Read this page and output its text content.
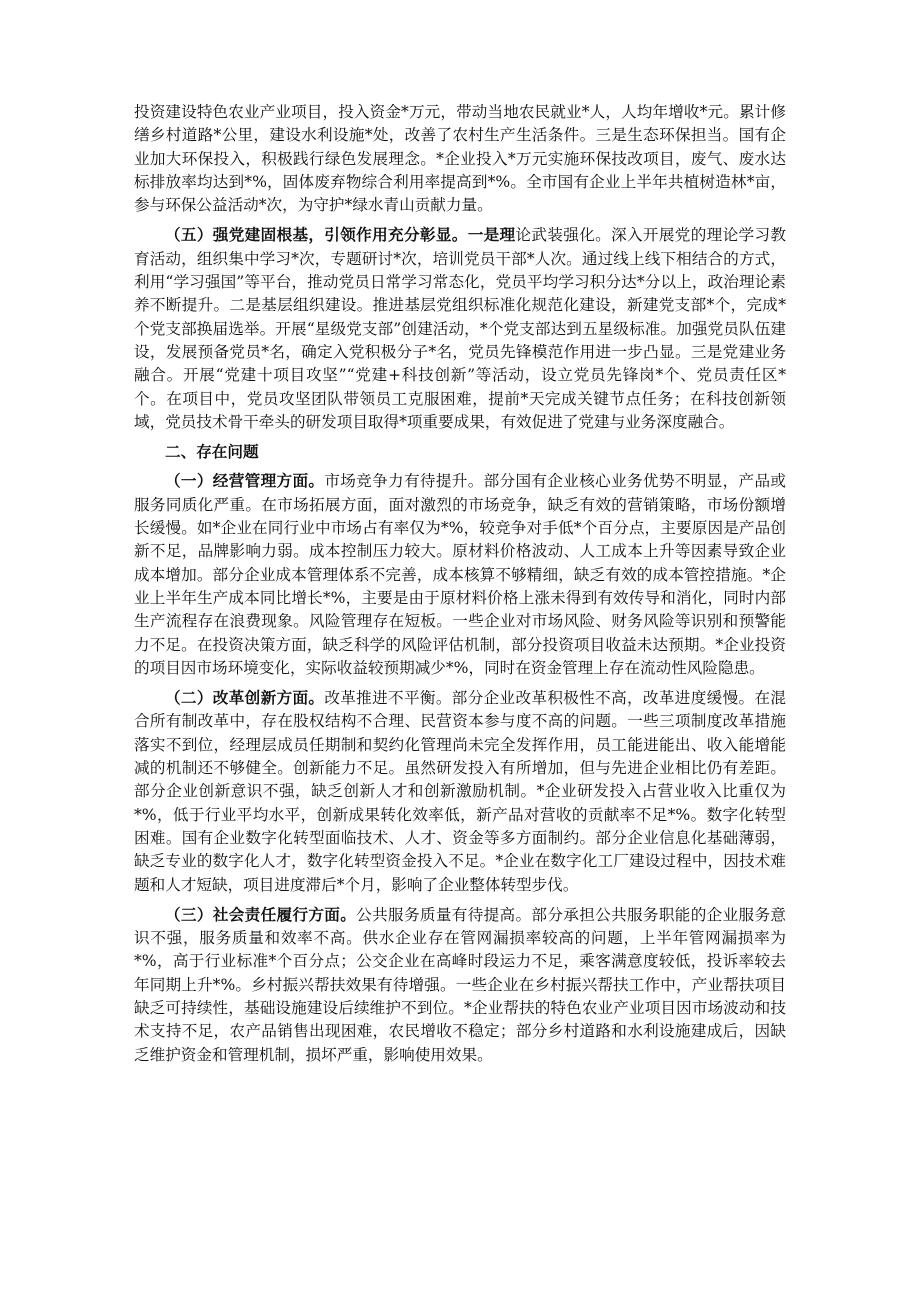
投资建设特色农业产业项目，投入资金*万元，带动当地农民就业*人，人均年增收*元。累计修缮乡村道路*公里，建设水利设施*处，改善了农村生产生活条件。三是生态环保担当。国有企业加大环保投入，积极践行绿色发展理念。*企业投入*万元实施环保技改项目，废气、废水达标排放率均达到*%，固体废弃物综合利用率提高到*%。全市国有企业上半年共植树造林*亩，参与环保公益活动*次，为守护*绿水青山贡献力量。

（五）强党建固根基，引领作用充分彰显。一是理论武装强化。深入开展党的理论学习教育活动，组织集中学习*次，专题研讨*次，培训党员干部*人次。通过线上线下相结合的方式，利用“学习强国”等平台，推动党员日常学习常态化，党员平均学习积分达*分以上，政治理论素养不断提升。二是基层组织建设。推进基层党组织标准化规范化建设，新建党支部*个，完成*个党支部换届选举。开展“星级党支部”创建活动，*个党支部达到五星级标准。加强党员队伍建设，发展预备党员*名，确定入党积极分子*名，党员先锋模范作用进一步凸显。三是党建业务融合。开展“党建十项目攻坚”“党建+科技创新”等活动，设立党员先锋岗*个、党员责任区*个。在项目中，党员攻坚团队带领员工克服困难，提前*天完成关键节点任务；在科技创新领域，党员技术骨干牵头的研发项目取得*项重要成果，有效促进了党建与业务深度融合。

二、存在问题

（一）经营管理方面。市场竞争力有待提升。部分国有企业核心业务优势不明显，产品或服务同质化严重。在市场拓展方面，面对激烈的市场竞争，缺乏有效的营销策略，市场份额增长缓慢。如*企业在同行业中市场占有率仅为*%，较竞争对手低*个百分点，主要原因是产品创新不足，品牌影响力弱。成本控制压力较大。原材料价格波动、人工成本上升等因素导致企业成本增加。部分企业成本管理体系不完善，成本核算不够精细，缺乏有效的成本管控措施。*企业上半年生产成本同比增长*%，主要是由于原材料价格上涨未得到有效传导和消化，同时内部生产流程存在浪费现象。风险管理存在短板。一些企业对市场风险、财务风险等识别和预警能力不足。在投资决策方面，缺乏科学的风险评估机制，部分投资项目收益未达预期。*企业投资的项目因市场环境变化，实际收益较预期减少*%，同时在资金管理上存在流动性风险隐患。

（二）改革创新方面。改革推进不平衡。部分企业改革积极性不高，改革进度缓慢。在混合所有制改革中，存在股权结构不合理、民营资本参与度不高的问题。一些三项制度改革措施落实不到位，经理层成员任期制和契约化管理尚未完全发挥作用，员工能进能出、收入能增能减的机制还不够健全。创新能力不足。虽然研发投入有所增加，但与先进企业相比仍有差距。部分企业创新意识不强，缺乏创新人才和创新激励机制。*企业研发投入占营业收入比重仅为*%，低于行业平均水平，创新成果转化效率低，新产品对营收的贡献率不足*%。数字化转型困难。国有企业数字化转型面临技术、人才、资金等多方面制约。部分企业信息化基础薄弱，缺乏专业的数字化人才，数字化转型资金投入不足。*企业在数字化工厂建设过程中，因技术难题和人才短缺，项目进度滞后*个月，影响了企业整体转型步伐。

（三）社会责任履行方面。公共服务质量有待提高。部分承担公共服务职能的企业服务意识不强，服务质量和效率不高。供水企业存在管网漏损率较高的问题，上半年管网漏损率为*%，高于行业标准*个百分点；公交企业在高峰时段运力不足，乘客满意度较低，投诉率较去年同期上升*%。乡村振兴帮扶效果有待增强。一些企业在乡村振兴帮扶工作中，产业帮扶项目缺乏可持续性，基础设施建设后续维护不到位。*企业帮扶的特色农业产业项目因市场波动和技术支持不足，农产品销售出现困难，农民增收不稳定；部分乡村道路和水利设施建成后，因缺乏维护资金和管理机制，损坏严重，影响使用效果。
